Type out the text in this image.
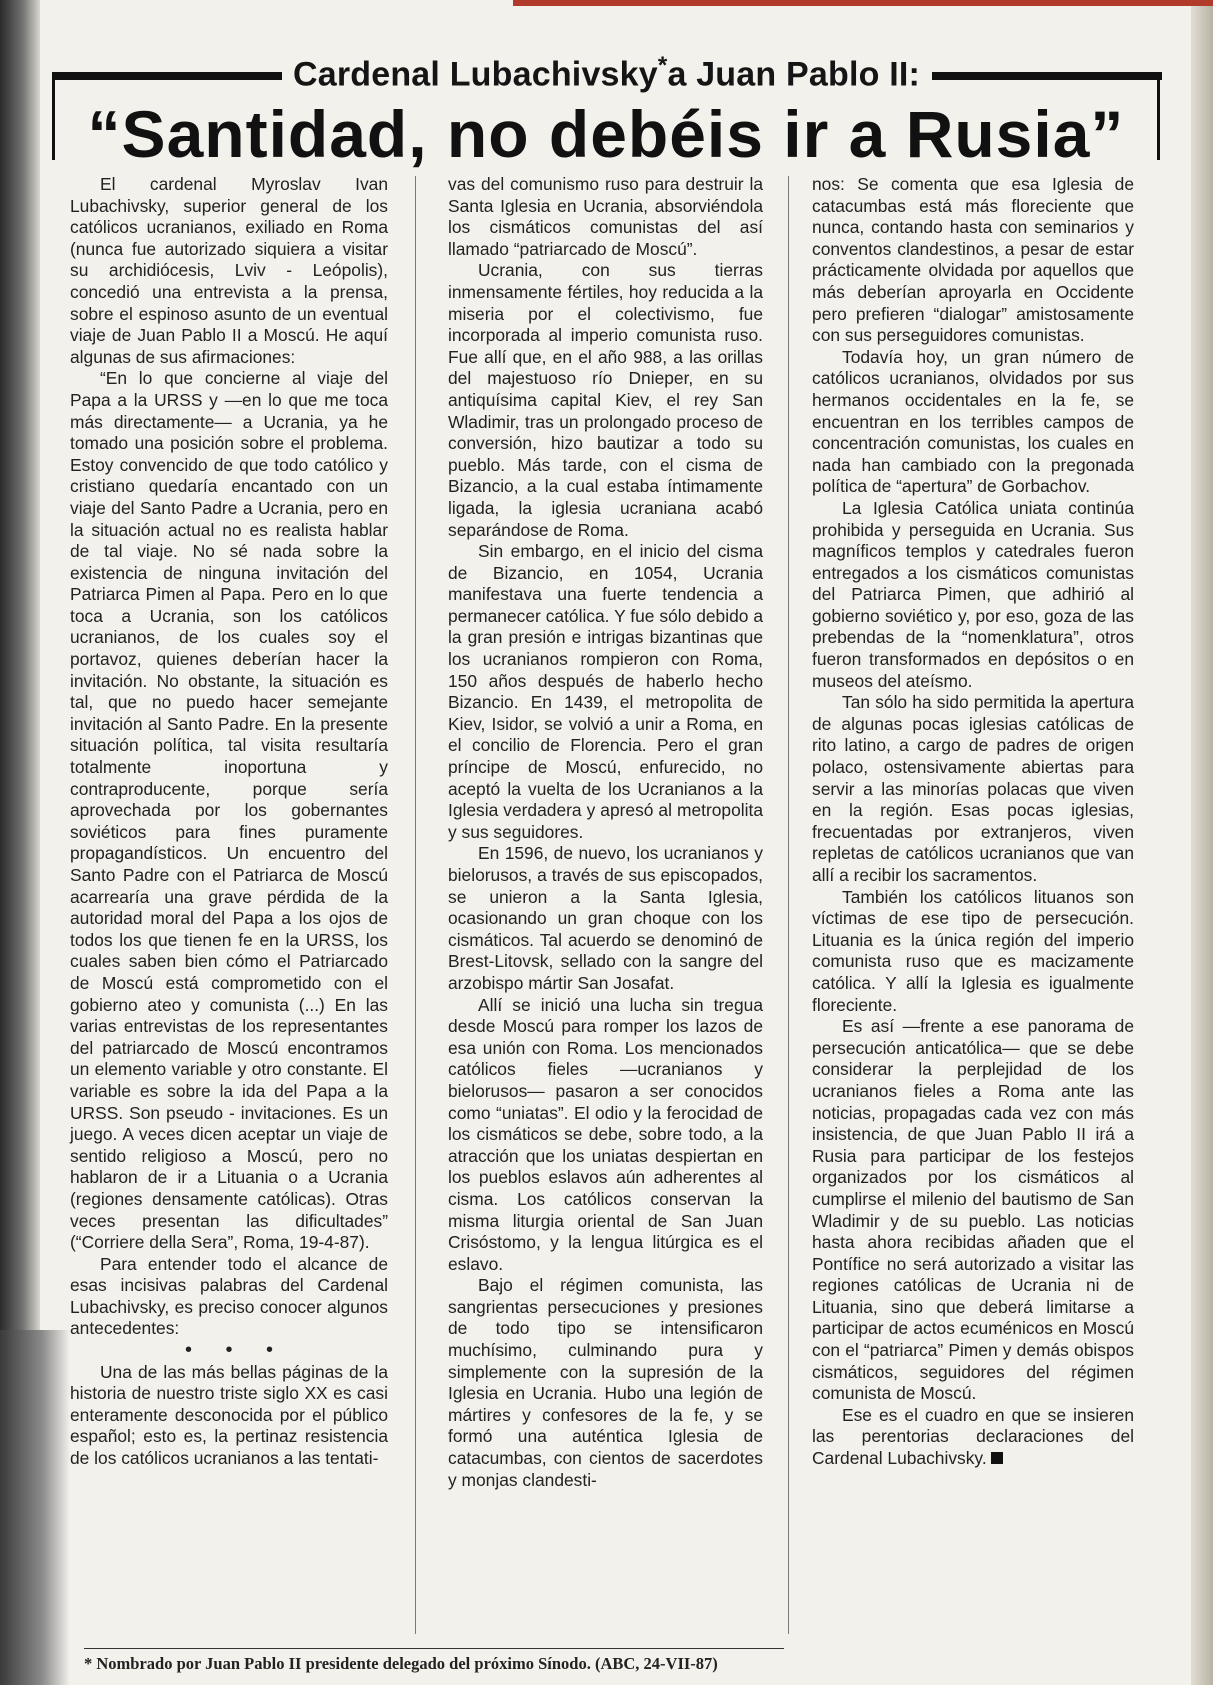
Cardenal Lubachivsky*a Juan Pablo II:
“Santidad, no debéis ir a Rusia”

El cardenal Myroslav Ivan Lubachivsky, superior general de los católicos ucranianos, exiliado en Roma (nunca fue autorizado siquiera a visitar su archidiócesis, Lviv - Leópolis), concedió una entrevista a la prensa, sobre el espinoso asunto de un eventual viaje de Juan Pablo II a Moscú. He aquí algunas de sus afirmaciones:

“En lo que concierne al viaje del Papa a la URSS y —en lo que me toca más directamente— a Ucrania, ya he tomado una posición sobre el problema. Estoy convencido de que todo católico y cristiano quedaría encantado con un viaje del Santo Padre a Ucrania, pero en la situación actual no es realista hablar de tal viaje. No sé nada sobre la existencia de ninguna invitación del Patriarca Pimen al Papa. Pero en lo que toca a Ucrania, son los católicos ucranianos, de los cuales soy el portavoz, quienes deberían hacer la invitación. No obstante, la situación es tal, que no puedo hacer semejante invitación al Santo Padre. En la presente situación política, tal visita resultaría totalmente inoportuna y contraproducente, porque sería aprovechada por los gobernantes soviéticos para fines puramente propagandísticos. Un encuentro del Santo Padre con el Patriarca de Moscú acarrearía una grave pérdida de la autoridad moral del Papa a los ojos de todos los que tienen fe en la URSS, los cuales saben bien cómo el Patriarcado de Moscú está comprometido con el gobierno ateo y comunista (...) En las varias entrevistas de los representantes del patriarcado de Moscú encontramos un elemento variable y otro constante. El variable es sobre la ida del Papa a la URSS. Son pseudo - invitaciones. Es un juego. A veces dicen aceptar un viaje de sentido religioso a Moscú, pero no hablaron de ir a Lituania o a Ucrania (regiones densamente católicas). Otras veces presentan las dificultades” (“Corriere della Sera”, Roma, 19-4-87).

Para entender todo el alcance de esas incisivas palabras del Cardenal Lubachivsky, es preciso conocer algunos antecedentes:

• • •

Una de las más bellas páginas de la historia de nuestro triste siglo XX es casi enteramente desconocida por el público español; esto es, la pertinaz resistencia de los católicos ucranianos a las tentati-

vas del comunismo ruso para destruir la Santa Iglesia en Ucrania, absorviéndola los cismáticos comunistas del así llamado “patriarcado de Moscú”.

Ucrania, con sus tierras inmensamente fértiles, hoy reducida a la miseria por el colectivismo, fue incorporada al imperio comunista ruso. Fue allí que, en el año 988, a las orillas del majestuoso río Dnieper, en su antiquísima capital Kiev, el rey San Wladimir, tras un prolongado proceso de conversión, hizo bautizar a todo su pueblo. Más tarde, con el cisma de Bizancio, a la cual estaba íntimamente ligada, la iglesia ucraniana acabó separándose de Roma.

Sin embargo, en el inicio del cisma de Bizancio, en 1054, Ucrania manifestava una fuerte tendencia a permanecer católica. Y fue sólo debido a la gran presión e intrigas bizantinas que los ucranianos rompieron con Roma, 150 años después de haberlo hecho Bizancio. En 1439, el metropolita de Kiev, Isidor, se volvió a unir a Roma, en el concilio de Florencia. Pero el gran príncipe de Moscú, enfurecido, no aceptó la vuelta de los Ucranianos a la Iglesia verdadera y apresó al metropolita y sus seguidores.

En 1596, de nuevo, los ucranianos y bielorusos, a través de sus episcopados, se unieron a la Santa Iglesia, ocasionando un gran choque con los cismáticos. Tal acuerdo se denominó de Brest-Litovsk, sellado con la sangre del arzobispo mártir San Josafat.

Allí se inició una lucha sin tregua desde Moscú para romper los lazos de esa unión con Roma. Los mencionados católicos fieles —ucranianos y bielorusos— pasaron a ser conocidos como “uniatas”. El odio y la ferocidad de los cismáticos se debe, sobre todo, a la atracción que los uniatas despiertan en los pueblos eslavos aún adherentes al cisma. Los católicos conservan la misma liturgia oriental de San Juan Crisóstomo, y la lengua litúrgica es el eslavo.

Bajo el régimen comunista, las sangrientas persecuciones y presiones de todo tipo se intensificaron muchísimo, culminando pura y simplemente con la supresión de la Iglesia en Ucrania. Hubo una legión de mártires y confesores de la fe, y se formó una auténtica Iglesia de catacumbas, con cientos de sacerdotes y monjas clandesti-

nos: Se comenta que esa Iglesia de catacumbas está más floreciente que nunca, contando hasta con seminarios y conventos clandestinos, a pesar de estar prácticamente olvidada por aquellos que más deberían aproyarla en Occidente pero prefieren “dialogar” amistosamente con sus perseguidores comunistas.

Todavía hoy, un gran número de católicos ucranianos, olvidados por sus hermanos occidentales en la fe, se encuentran en los terribles campos de concentración comunistas, los cuales en nada han cambiado con la pregonada política de “apertura” de Gorbachov.

La Iglesia Católica uniata continúa prohibida y perseguida en Ucrania. Sus magníficos templos y catedrales fueron entregados a los cismáticos comunistas del Patriarca Pimen, que adhirió al gobierno soviético y, por eso, goza de las prebendas de la “nomenklatura”, otros fueron transformados en depósitos o en museos del ateísmo.

Tan sólo ha sido permitida la apertura de algunas pocas iglesias católicas de rito latino, a cargo de padres de origen polaco, ostensivamente abiertas para servir a las minorías polacas que viven en la región. Esas pocas iglesias, frecuentadas por extranjeros, viven repletas de católicos ucranianos que van allí a recibir los sacramentos.

También los católicos lituanos son víctimas de ese tipo de persecución. Lituania es la única región del imperio comunista ruso que es macizamente católica. Y allí la Iglesia es igualmente floreciente.

Es así —frente a ese panorama de persecución anticatólica— que se debe considerar la perplejidad de los ucranianos fieles a Roma ante las noticias, propagadas cada vez con más insistencia, de que Juan Pablo II irá a Rusia para participar de los festejos organizados por los cismáticos al cumplirse el milenio del bautismo de San Wladimir y de su pueblo. Las noticias hasta ahora recibidas añaden que el Pontífice no será autorizado a visitar las regiones católicas de Ucrania ni de Lituania, sino que deberá limitarse a participar de actos ecuménicos en Moscú con el “patriarca” Pimen y demás obispos cismáticos, seguidores del régimen comunista de Moscú.

Ese es el cuadro en que se insieren las perentorias declaraciones del Cardenal Lubachivsky.

* Nombrado por Juan Pablo II presidente delegado del próximo Sínodo. (ABC, 24-VII-87)
